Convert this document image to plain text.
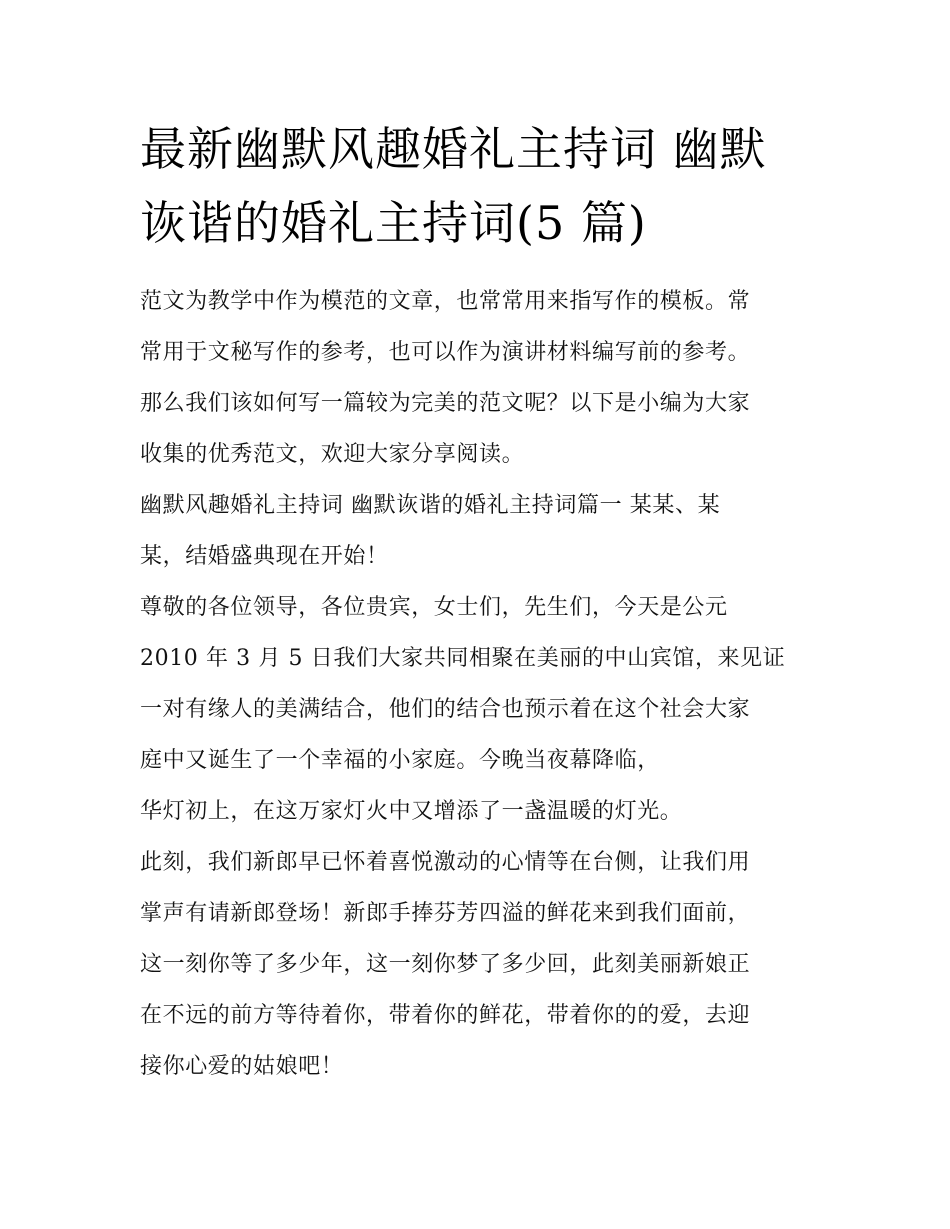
最新幽默风趣婚礼主持词 幽默
诙谐的婚礼主持词(5 篇)
范文为教学中作为模范的文章，也常常用来指写作的模板。常
常用于文秘写作的参考，也可以作为演讲材料编写前的参考。
那么我们该如何写一篇较为完美的范文呢？以下是小编为大家
收集的优秀范文，欢迎大家分享阅读。
幽默风趣婚礼主持词 幽默诙谐的婚礼主持词篇一 某某、某
某，结婚盛典现在开始！
尊敬的各位领导，各位贵宾，女士们，先生们，今天是公元
2010 年 3 月 5 日我们大家共同相聚在美丽的中山宾馆，来见证
一对有缘人的美满结合，他们的结合也预示着在这个社会大家
庭中又诞生了一个幸福的小家庭。今晚当夜幕降临，
华灯初上，在这万家灯火中又增添了一盏温暖的灯光。
此刻，我们新郎早已怀着喜悦激动的心情等在台侧，让我们用
掌声有请新郎登场！新郎手捧芬芳四溢的鲜花来到我们面前，
这一刻你等了多少年，这一刻你梦了多少回，此刻美丽新娘正
在不远的前方等待着你，带着你的鲜花，带着你的的爱，去迎
接你心爱的姑娘吧！
